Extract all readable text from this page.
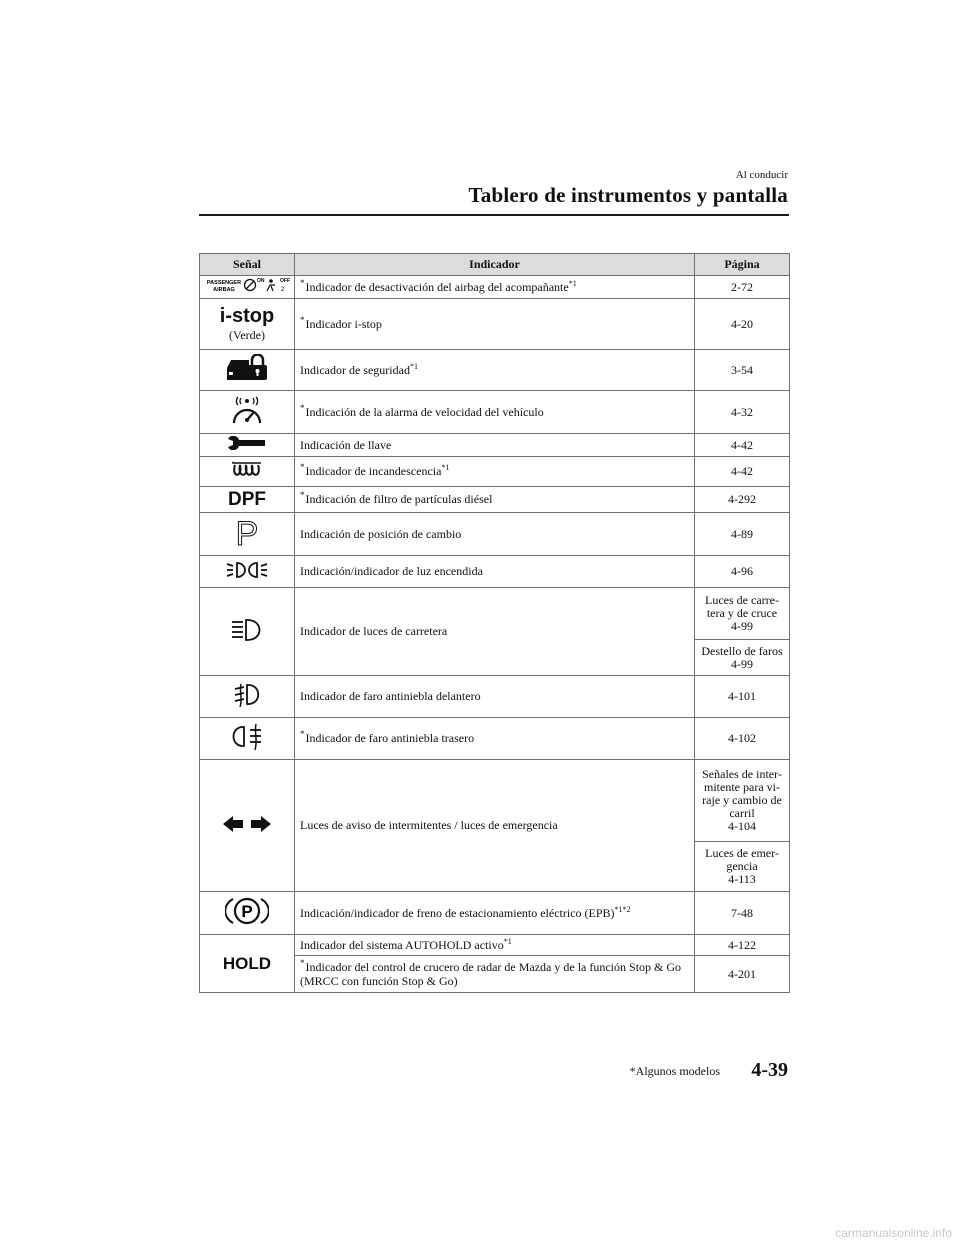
Al conducir
Tablero de instrumentos y pantalla
Señal	Indicador	Página

PASSENGER
AIRBAG
ON OFF
2	*Indicador de desactivación del airbag del acompañante$^{*1}$	2-72

i-stop
(Verde)	*Indicador i-stop	4-20
	Indicador de seguridad$^{*1}$	3-54
	*Indicación de la alarma de velocidad del vehículo	4-32
	Indicación de llave	4-42
	*Indicador de incandescencia$^{*1}$	4-42
DPF	*Indicación de filtro de partículas diésel	4-292

P	Indicación de posición de cambio	4-89
	Indicación/indicador de luz encendida	4-96
	Indicador de luces de carretera	Luces de carre-
tera y de cruce
4-99

		Destello de faros
4-99

	Indicador de faro antiniebla delantero	4-101
	*Indicador de faro antiniebla trasero	4-102
	Luces de aviso de intermitentes / luces de emergencia	Señales de inter-
mitente para vi-
raje y cambio de
carril
4-104

		Luces de emer-
gencia
4-113

P	Indicación/indicador de freno de estacionamiento eléctrico (EPB)$^{*1*2}$	7-48
HOLD	Indicador del sistema AUTOHOLD activo$^{*1}$	4-122
	*Indicador del control de crucero de radar de Mazda y de la función Stop & Go (MRCC con función Stop & Go)	4-201
*Algunos modelos 4-39
carmanualsonline.info
